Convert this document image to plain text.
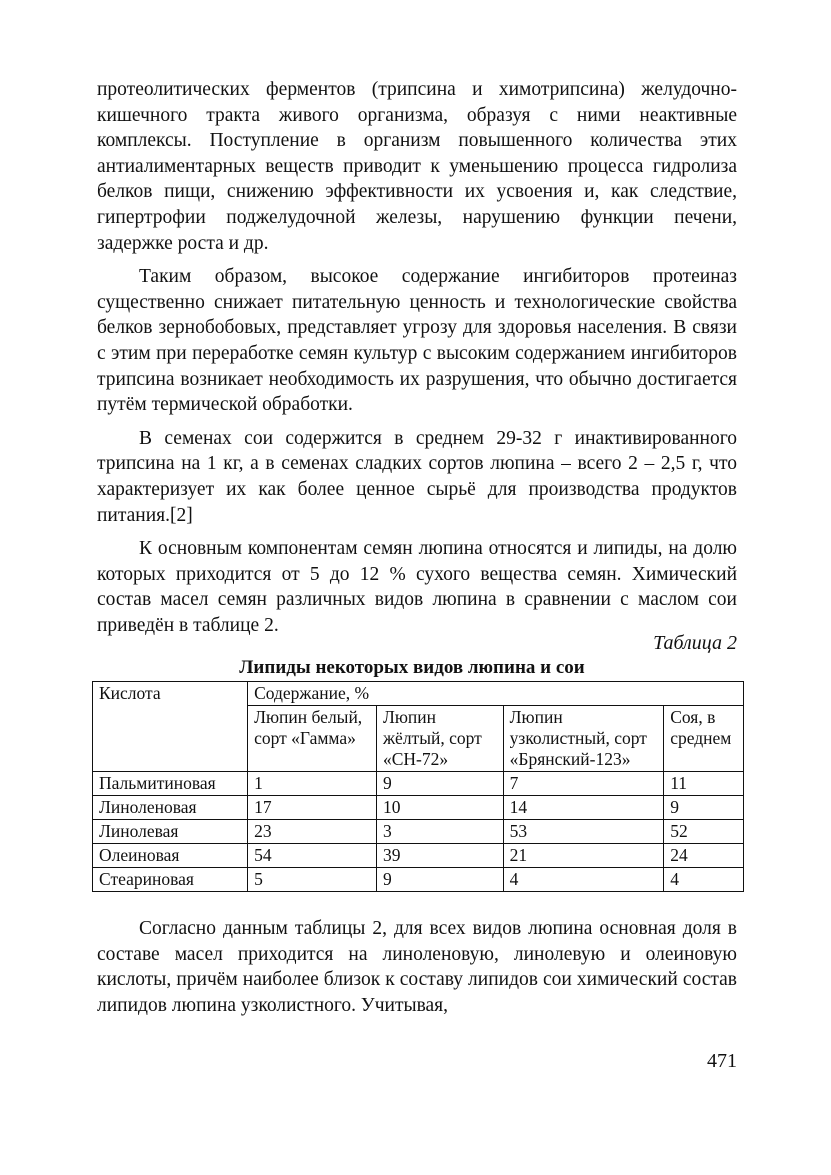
протеолитических ферментов (трипсина и химотрипсина) желудочно-кишечного тракта живого организма, образуя с ними неактивные комплексы. Поступление в организм повышенного количества этих антиалиментарных веществ приводит к уменьшению процесса гидролиза белков пищи, снижению эффективности их усвоения и, как следствие, гипертрофии поджелудочной железы, нарушению функции печени, задержке роста и др.

Таким образом, высокое содержание ингибиторов протеиназ существенно снижает питательную ценность и технологические свойства белков зернобобовых, представляет угрозу для здоровья населения. В связи с этим при переработке семян культур с высоким содержанием ингибиторов трипсина возникает необходимость их разрушения, что обычно достигается путём термической обработки.

В семенах сои содержится в среднем 29-32 г инактивированного трипсина на 1 кг, а в семенах сладких сортов люпина – всего 2 – 2,5 г, что характеризует их как более ценное сырьё для производства продуктов питания.[2]

К основным компонентам семян люпина относятся и липиды, на долю которых приходится от 5 до 12 % сухого вещества семян. Химический состав масел семян различных видов люпина в сравнении с маслом сои приведён в таблице 2.

Таблица 2
Липиды некоторых видов люпина и сои
Кислота	Содержание, %			
	Люпин белый, сорт «Гамма»	Люпин жёлтый, сорт «СН-72»	Люпин узколистный, сорт «Брянский-123»	Соя, в среднем
Пальмитиновая	1	9	7	11
Линоленовая	17	10	14	9
Линолевая	23	3	53	52
Олеиновая	54	39	21	24
Стеариновая	5	9	4	4

Согласно данным таблицы 2, для всех видов люпина основная доля в составе масел приходится на линоленовую, линолевую и олеиновую кислоты, причём наиболее близок к составу липидов сои химический состав липидов люпина узколистного. Учитывая,

471
